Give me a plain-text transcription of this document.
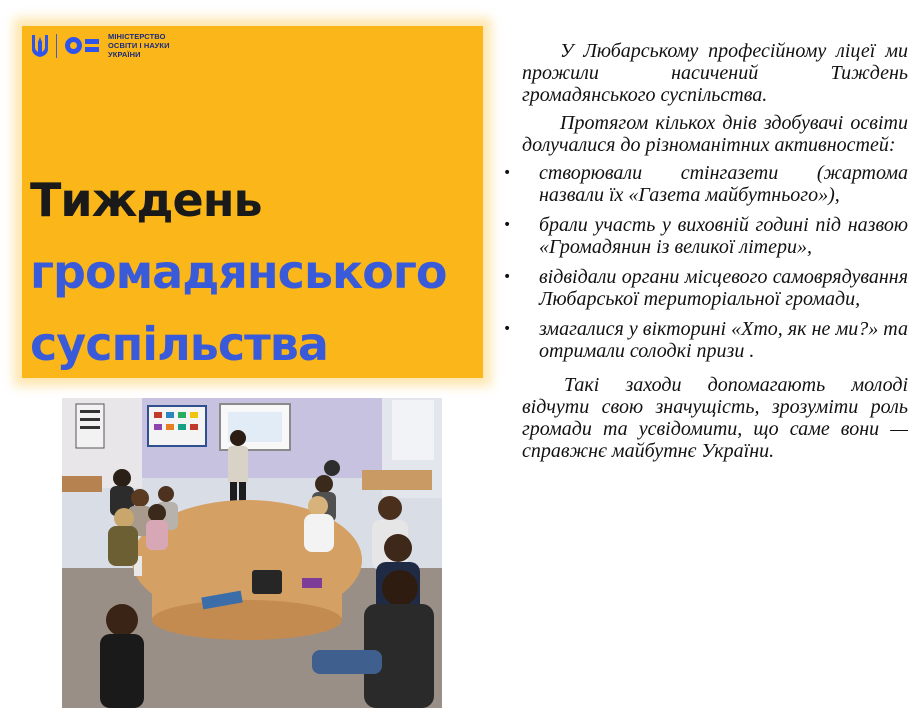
МІНІСТЕРСТВО
ОСВІТИ І НАУКИ
УКРАЇНИ
Тиждень
громадянського
суспільства

У Любарському професійному ліцеї ми прожили насичений Тиждень громадянського суспільства.

Протягом кількох днів здобувачі освіти долучалися до різноманітних активностей:

• створювали стінгазети (жартома назвали їх «Газета майбутнього»),
• брали участь у виховній годині під назвою «Громадянин із великої літери»,
• відвідали органи місцевого самоврядування Любарської територіальної громади,
• змагалися у вікторині «Хто, як не ми?» та отримали солодкі призи .

Такі заходи допомагають молоді відчути свою значущість, зрозуміти роль громади та усвідомити, що саме вони — справжнє майбутнє України.
